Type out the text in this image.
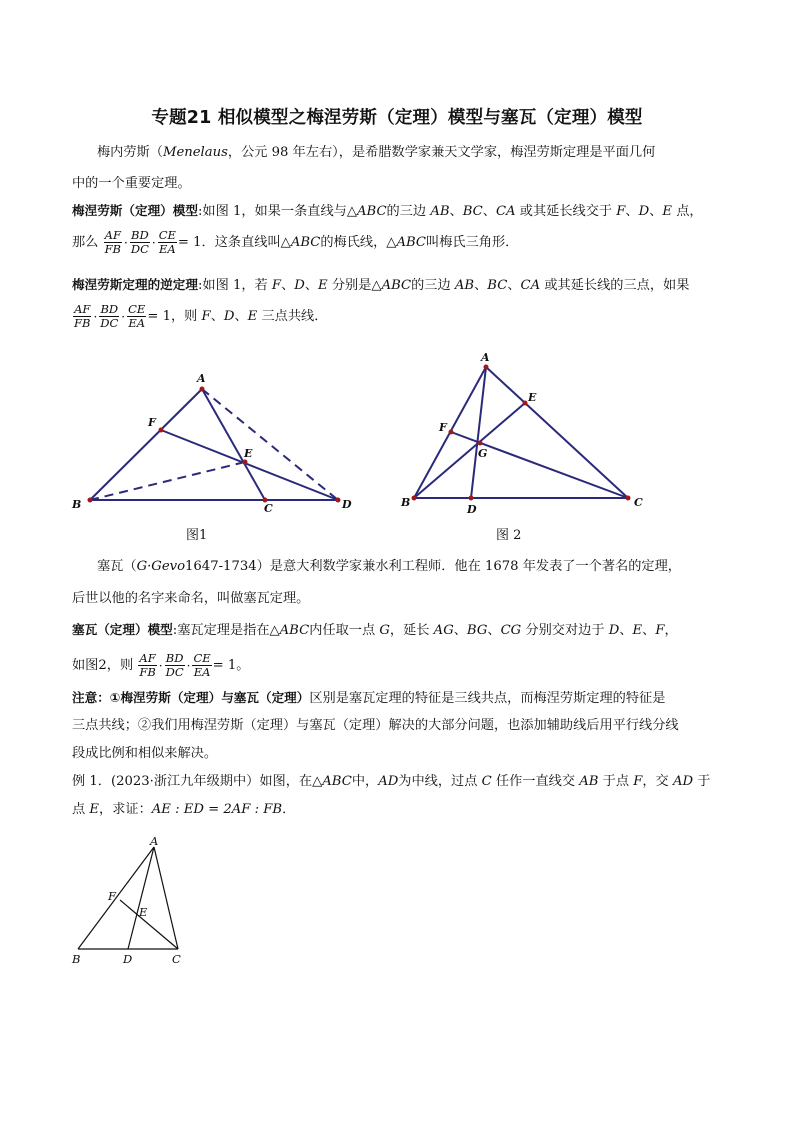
专题21 相似模型之梅涅劳斯（定理）模型与塞瓦（定理）模型
梅内劳斯（Menelaus，公元 98 年左右），是希腊数学家兼天文学家，梅涅劳斯定理是平面几何
中的一个重要定理。
梅涅劳斯（定理）模型:如图 1，如果一条直线与△ABC的三边 AB、BC、CA 或其延长线交于 F、D、E 点，
那么 $\frac{AF}{FB} \cdot \frac{BD}{DC} \cdot \frac{CE}{EA} = 1$．这条直线叫△ABC的梅氏线，△ABC叫梅氏三角形．
梅涅劳斯定理的逆定理:如图 1，若 F、D、E 分别是△ABC的三边 AB、BC、CA 或其延长线的三点，如果
$\frac{AF}{FB} \cdot \frac{BD}{DC} \cdot \frac{CE}{EA} = 1$，则 F、D、E 三点共线．
A
B	C	D
E
F
图1
A
B	C
D
E
F
G
图 2
塞瓦（G·Gevo1647-1734）是意大利数学家兼水利工程师．他在 1678 年发表了一个著名的定理，
后世以他的名字来命名，叫做塞瓦定理。
塞瓦（定理）模型:塞瓦定理是指在△ABC内任取一点 G，延长 AG、BG、CG 分别交对边于 D、E、F，
如图2，则 $\frac{AF}{FB} \cdot \frac{BD}{DC} \cdot \frac{CE}{EA} = 1$。
注意：①梅涅劳斯（定理）与塞瓦（定理）区别是塞瓦定理的特征是三线共点，而梅涅劳斯定理的特征是
三点共线；②我们用梅涅劳斯（定理）与塞瓦（定理）解决的大部分问题，也添加辅助线后用平行线分线
段成比例和相似来解决。
例 1．(2023·浙江九年级期中）如图，在△ABC中，AD为中线，过点 C 任作一直线交 AB 于点 F，交 AD 于
点 E，求证：AE : ED = 2AF : FB．
A
B	C
D
E
F
